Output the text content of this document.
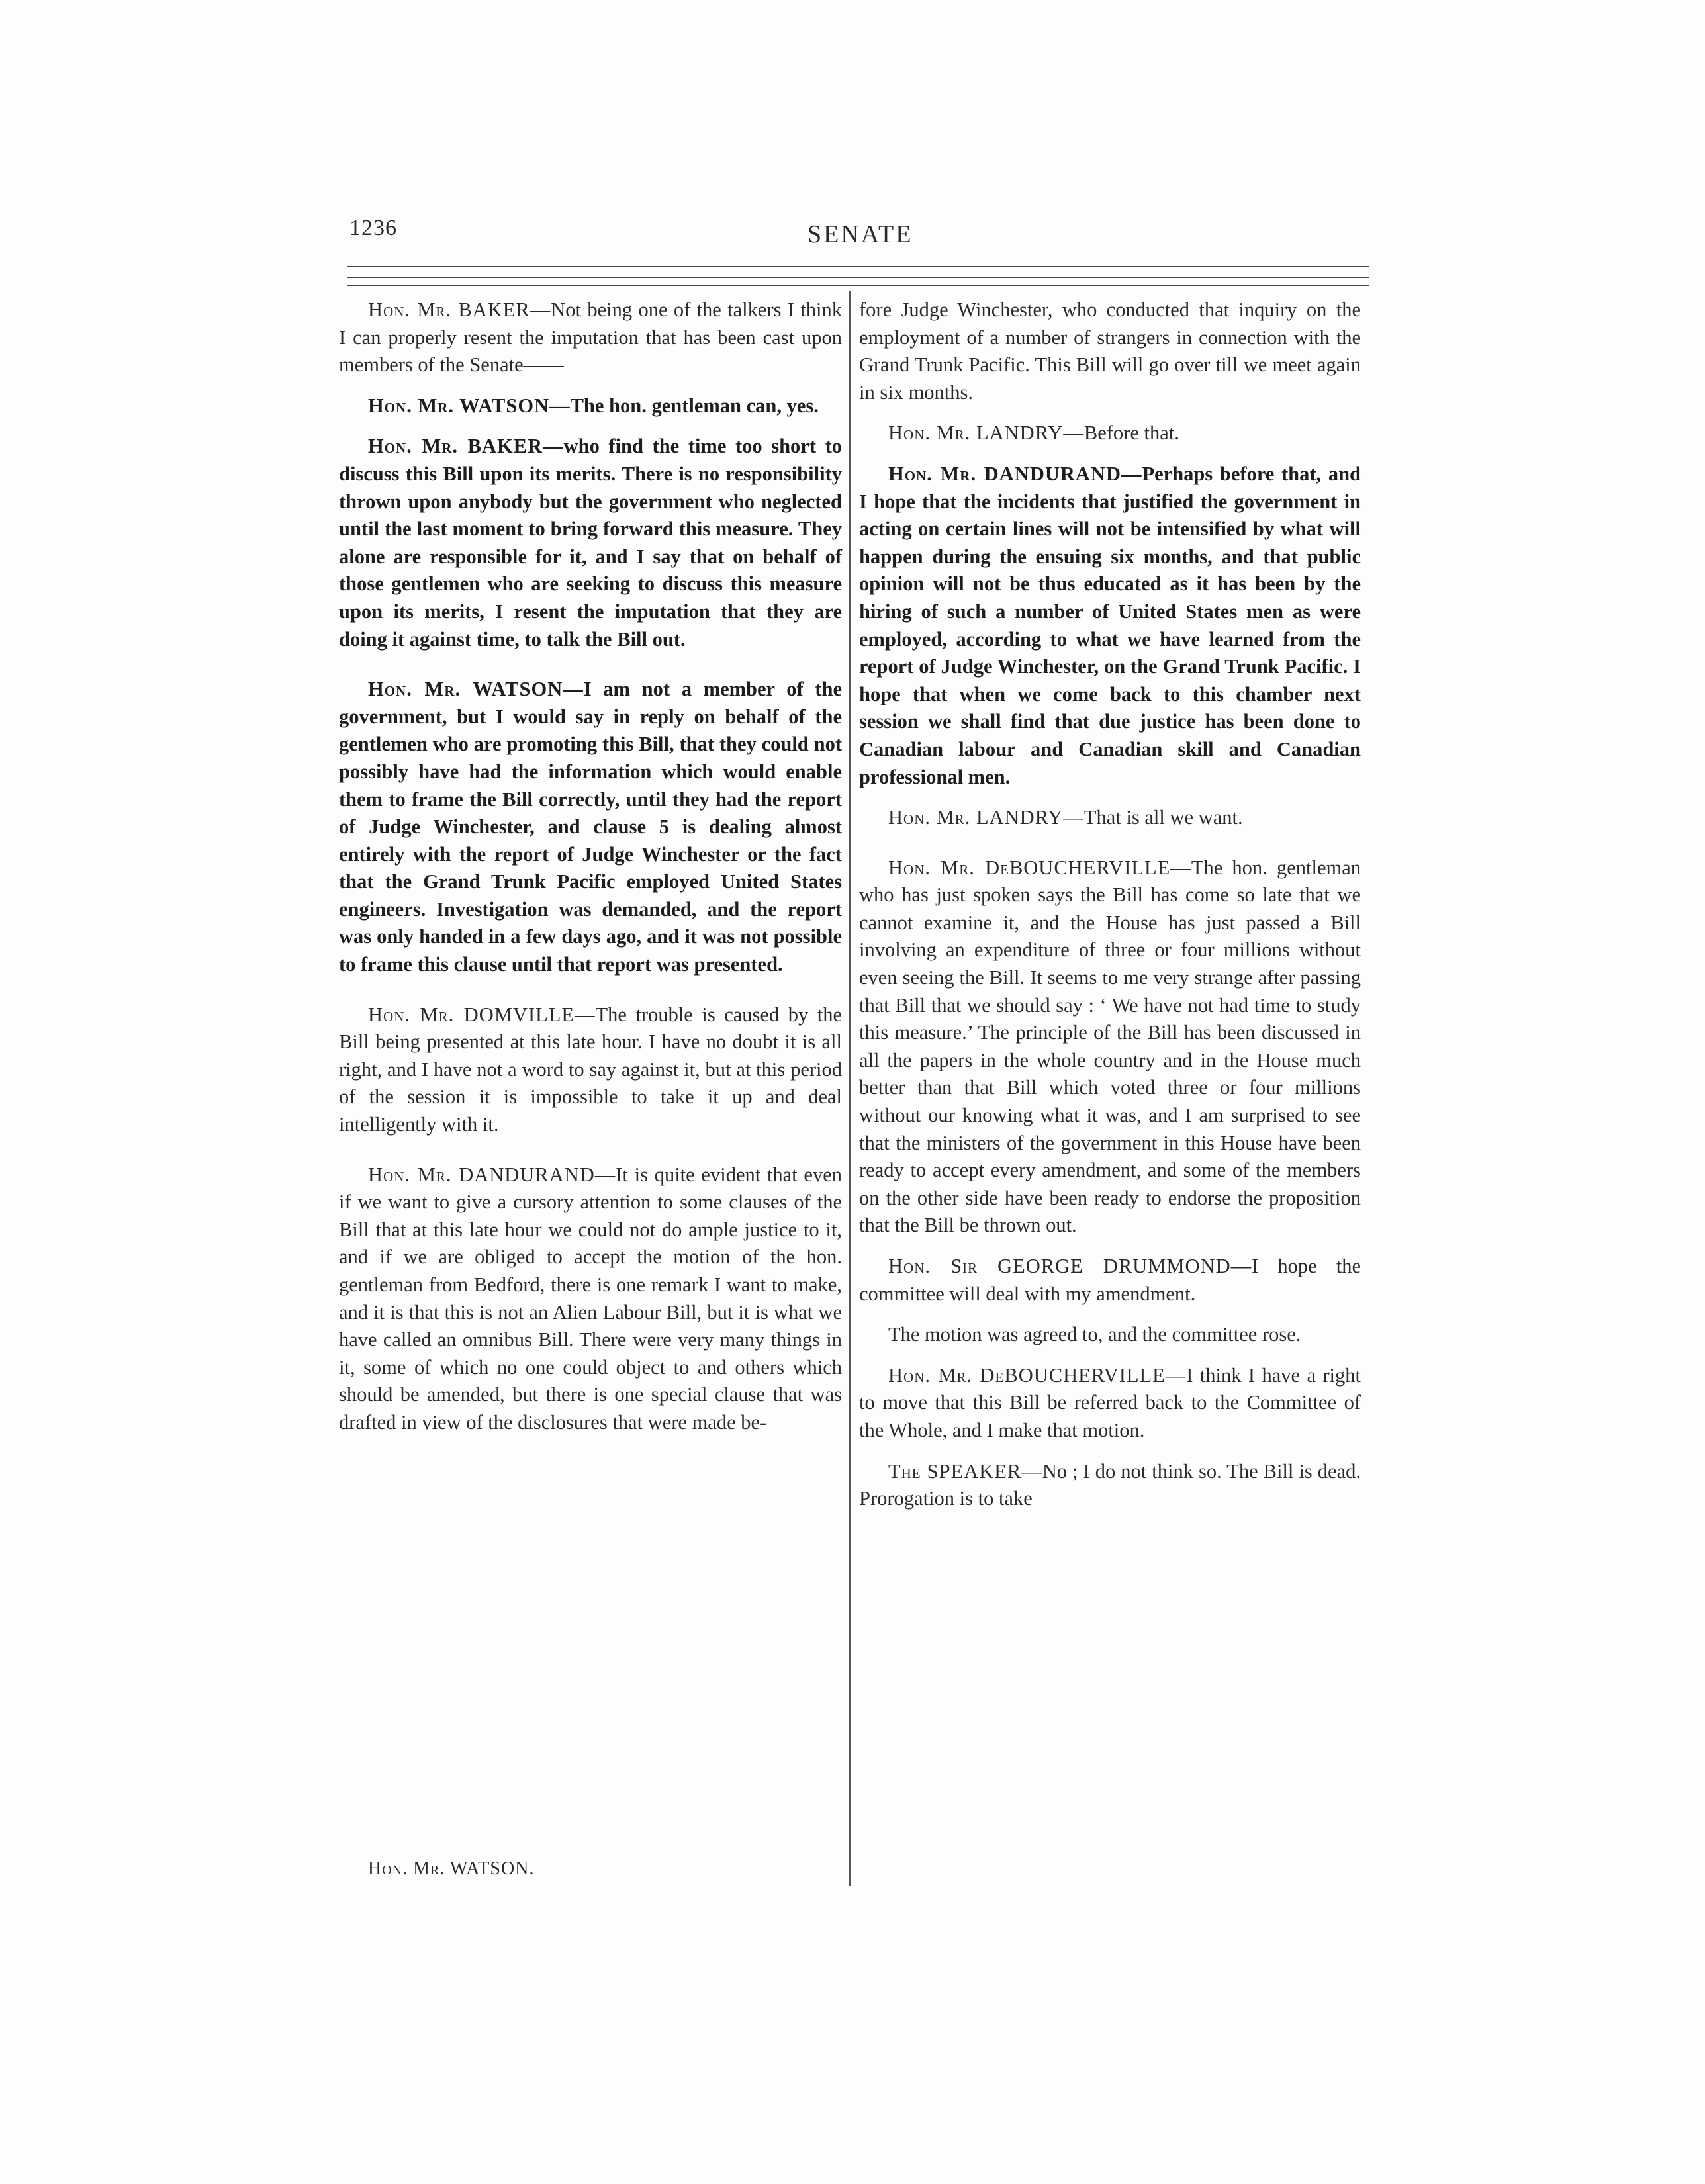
1236	SENATE

Hon. Mr. BAKER—Not being one of the talkers I think I can properly resent the imputation that has been cast upon members of the Senate——

Hon. Mr. WATSON—The hon. gentleman can, yes.

Hon. Mr. BAKER—who find the time too short to discuss this Bill upon its merits. There is no responsibility thrown upon anybody but the government who neglected until the last moment to bring forward this measure. They alone are responsible for it, and I say that on behalf of those gentlemen who are seeking to discuss this measure upon its merits, I resent the imputation that they are doing it against time, to talk the Bill out.

Hon. Mr. WATSON—I am not a member of the government, but I would say in reply on behalf of the gentlemen who are promoting this Bill, that they could not possibly have had the information which would enable them to frame the Bill correctly, until they had the report of Judge Winchester, and clause 5 is dealing almost entirely with the report of Judge Winchester or the fact that the Grand Trunk Pacific employed United States engineers. Investigation was demanded, and the report was only handed in a few days ago, and it was not possible to frame this clause until that report was presented.

Hon. Mr. DOMVILLE—The trouble is caused by the Bill being presented at this late hour. I have no doubt it is all right, and I have not a word to say against it, but at this period of the session it is impossible to take it up and deal intelligently with it.

Hon. Mr. DANDURAND—It is quite evident that even if we want to give a cursory attention to some clauses of the Bill that at this late hour we could not do ample justice to it, and if we are obliged to accept the motion of the hon. gentleman from Bedford, there is one remark I want to make, and it is that this is not an Alien Labour Bill, but it is what we have called an omnibus Bill. There were very many things in it, some of which no one could object to and others which should be amended, but there is one special clause that was drafted in view of the disclosures that were made be-

fore Judge Winchester, who conducted that inquiry on the employment of a number of strangers in connection with the Grand Trunk Pacific. This Bill will go over till we meet again in six months.

Hon. Mr. LANDRY—Before that.

Hon. Mr. DANDURAND—Perhaps before that, and I hope that the incidents that justified the government in acting on certain lines will not be intensified by what will happen during the ensuing six months, and that public opinion will not be thus educated as it has been by the hiring of such a number of United States men as were employed, according to what we have learned from the report of Judge Winchester, on the Grand Trunk Pacific. I hope that when we come back to this chamber next session we shall find that due justice has been done to Canadian labour and Canadian skill and Canadian professional men.

Hon. Mr. LANDRY—That is all we want.

Hon. Mr. DeBOUCHERVILLE—The hon. gentleman who has just spoken says the Bill has come so late that we cannot examine it, and the House has just passed a Bill involving an expenditure of three or four millions without even seeing the Bill. It seems to me very strange after passing that Bill that we should say : ‘ We have not had time to study this measure.’ The principle of the Bill has been discussed in all the papers in the whole country and in the House much better than that Bill which voted three or four millions without our knowing what it was, and I am surprised to see that the ministers of the government in this House have been ready to accept every amendment, and some of the members on the other side have been ready to endorse the proposition that the Bill be thrown out.

Hon. Sir GEORGE DRUMMOND—I hope the committee will deal with my amendment.

The motion was agreed to, and the committee rose.

Hon. Mr. DeBOUCHERVILLE—I think I have a right to move that this Bill be referred back to the Committee of the Whole, and I make that motion.

The SPEAKER—No ; I do not think so. The Bill is dead. Prorogation is to take

Hon. Mr. WATSON.
